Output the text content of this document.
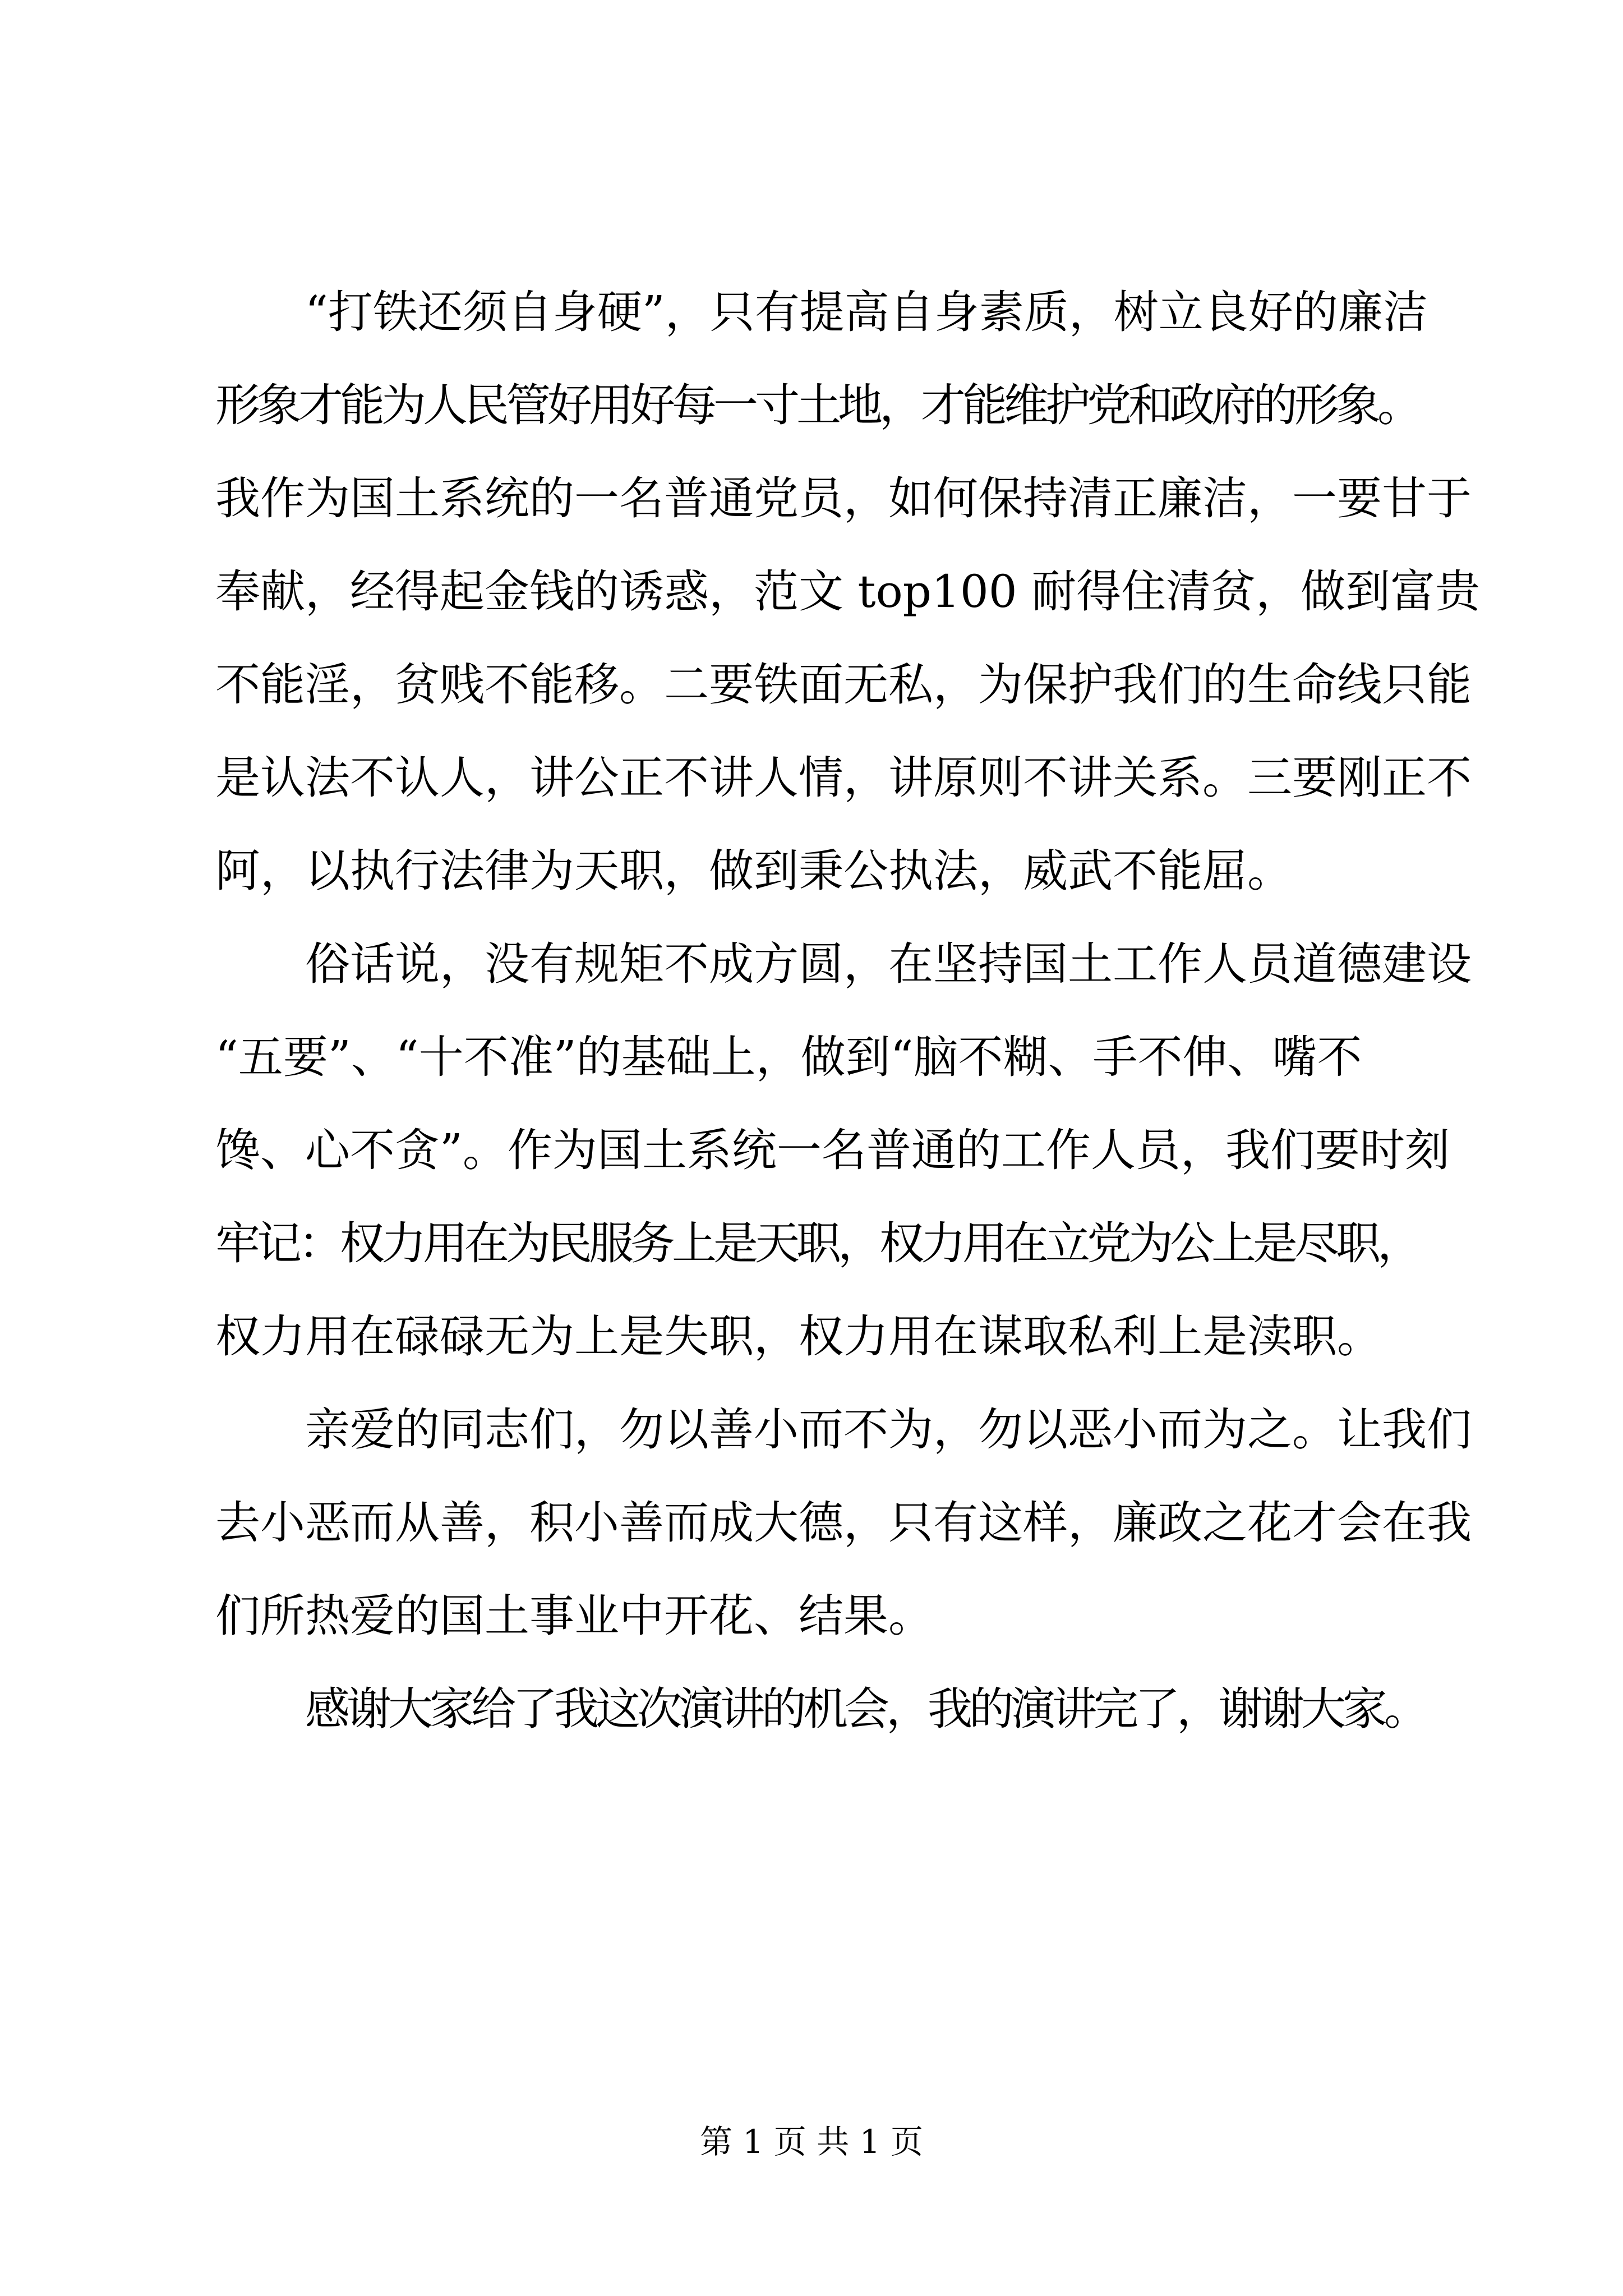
“打铁还须自身硬”，只有提高自身素质，树立良好的廉洁
形象才能为人民管好用好每一寸土地，才能维护党和政府的形象。
我作为国土系统的一名普通党员，如何保持清正廉洁，一要甘于
奉献，经得起金钱的诱惑，范文 top100 耐得住清贫，做到富贵
不能淫，贫贱不能移。二要铁面无私，为保护我们的生命线只能
是认法不认人，讲公正不讲人情，讲原则不讲关系。三要刚正不
阿，以执行法律为天职，做到秉公执法，威武不能屈。
俗话说，没有规矩不成方圆，在坚持国土工作人员道德建设
“五要”、“十不准”的基础上，做到“脑不糊、手不伸、嘴不
馋、心不贪”。作为国土系统一名普通的工作人员，我们要时刻
牢记：权力用在为民服务上是天职，权力用在立党为公上是尽职，
权力用在碌碌无为上是失职，权力用在谋取私利上是渎职。
亲爱的同志们，勿以善小而不为，勿以恶小而为之。让我们
去小恶而从善，积小善而成大德，只有这样，廉政之花才会在我
们所热爱的国土事业中开花、结果。
感谢大家给了我这次演讲的机会，我的演讲完了，谢谢大家。
第 1 页 共 1 页
